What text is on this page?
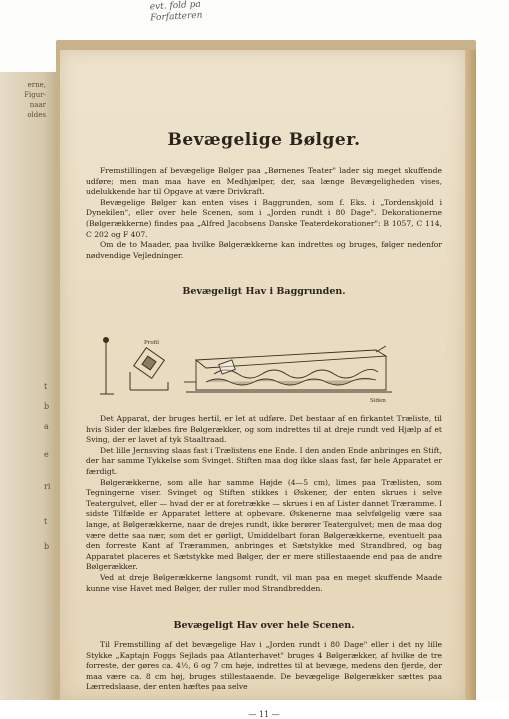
evt. fold pa Forfatteren
erne,
Figur-
naar
oldes
t
b
a
e
ri
t
b
Bevægelige Bølger.

Fremstillingen af bevægelige Bølger paa „Børnenes Teater" lader sig meget skuffende udføre; men man maa have en Medhjælper, der, saa længe Bevægeligheden vises, udelukkende har til Opgave at være Drivkraft.

Bevægelige Bølger kan enten vises i Baggrunden, som f. Eks. i „Tordenskjold i Dynekilen", eller over hele Scenen, som i „Jorden rundt i 80 Dage". Dekorationerne (Bølgerækkerne) findes paa „Alfred Jacobsens Danske Teaterdekorationer": B 1057, C 114, C 202 og F 407.

Om de to Maader, paa hvilke Bølgerækkerne kan indrettes og bruges, følger nedenfor nødvendige Vejledninger.

Bevægeligt Hav i Baggrunden.
Profil
Siden

Det Apparat, der bruges hertil, er let at udføre. Det bestaar af en firkantet Træliste, til hvis Sider der klæbes fire Bølgerækker, og som indrettes til at dreje rundt ved Hjælp af et Sving, der er lavet af tyk Staaltraad.

Det lille Jernsving slaas fast i Trælistens ene Ende. I den anden Ende anbringes en Stift, der har samme Tykkelse som Svinget. Stiften maa dog ikke slaas fast, før hele Apparatet er færdigt.

Bølgerækkerne, som alle har samme Højde (4—5 cm), limes paa Trælisten, som Tegningerne viser. Svinget og Stiften stikkes i Øskener, der enten skrues i selve Teatergulvet, eller — hvad der er at foretrække — skrues i en af Lister dannet Træramme. I sidste Tilfælde er Apparatet lettere at opbevare. Øskenerne maa selvfølgelig være saa lange, at Bølgerækkerne, naar de drejes rundt, ikke berører Teatergulvet; men de maa dog være dette saa nær, som det er gørligt, Umiddelbart foran Bølgerækkerne, eventuelt paa den forreste Kant af Trærammen, anbringes et Sætstykke med Strandbred, og bag Apparatet placeres et Sætstykke med Bølger, der er mere stillestaaende end paa de andre Bølgerækker.

Ved at dreje Bølgerækkerne langsomt rundt, vil man paa en meget skuffende Maade kunne vise Havet med Bølger, der ruller mod Strandbredden.

Bevægeligt Hav over hele Scenen.

Til Fremstilling af det bevægelige Hav i „Jorden rundt i 80 Dage" eller i det ny lille Stykke „Kaptajn Foggs Sejlads paa Atlanterhavet" bruges 4 Bølgerækker, af hvilke de tre forreste, der gøres ca. 4½, 6 og 7 cm høje, indrettes til at bevæge, medens den fjerde, der maa være ca. 8 cm høj, bruges stillestaaende. De bevægelige Bølgerækker sættes paa Lærredslaase, der enten hæftes paa selve

— 11 —
